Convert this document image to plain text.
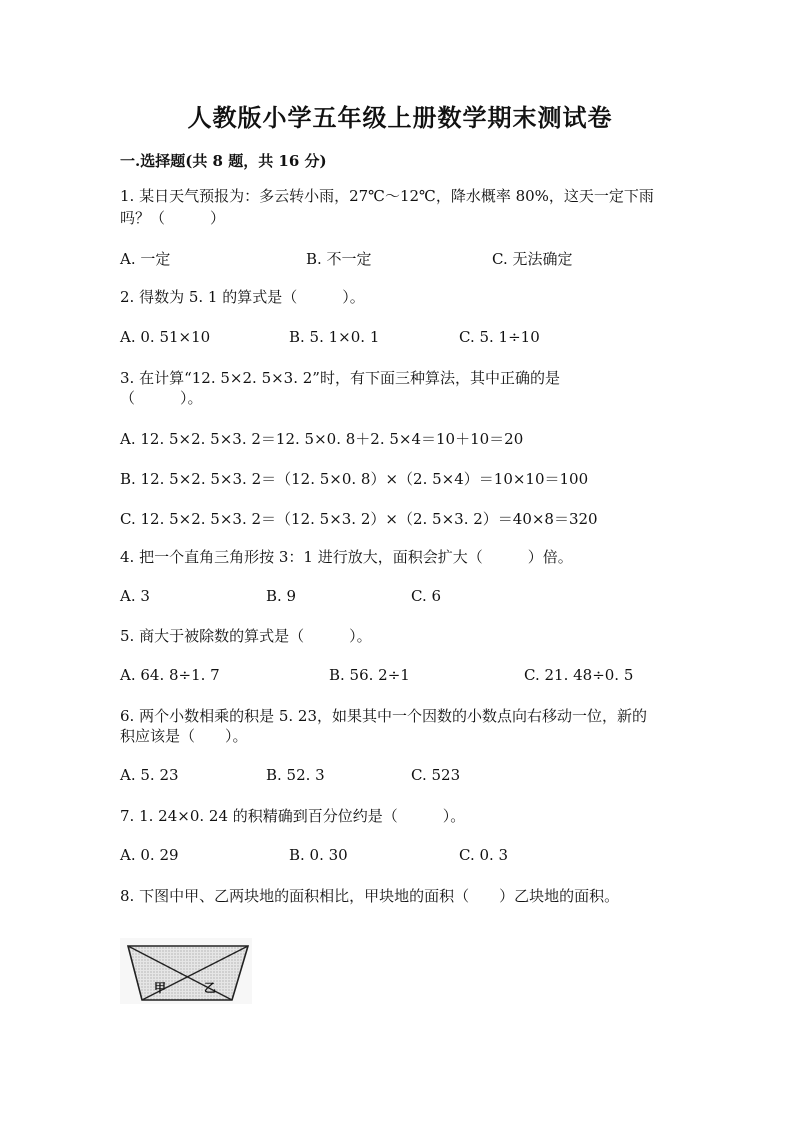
人教版小学五年级上册数学期末测试卷
一.选择题(共 8 题，共 16 分)
1. 某日天气预报为：多云转小雨，27℃～12℃，降水概率 80%，这天一定下雨
吗？（　　　）
A. 一定	B. 不一定	C. 无法确定
2. 得数为 5. 1 的算式是（　　　）。
A. 0. 51×10	B. 5. 1×0. 1	C. 5. 1÷10
3. 在计算“12. 5×2. 5×3. 2”时，有下面三种算法，其中正确的是
（　　　）。
A. 12. 5×2. 5×3. 2＝12. 5×0. 8＋2. 5×4＝10＋10＝20
B. 12. 5×2. 5×3. 2＝（12. 5×0. 8）×（2. 5×4）＝10×10＝100
C. 12. 5×2. 5×3. 2＝（12. 5×3. 2）×（2. 5×3. 2）＝40×8＝320
4. 把一个直角三角形按 3：1 进行放大，面积会扩大（　　　）倍。
A. 3	B. 9	C. 6
5. 商大于被除数的算式是（　　　）。
A. 64. 8÷1. 7	B. 56. 2÷1	C. 21. 48÷0. 5
6. 两个小数相乘的积是 5. 23，如果其中一个因数的小数点向右移动一位，新的
积应该是（　　）。
A. 5. 23	B. 52. 3	C. 523
7. 1. 24×0. 24 的积精确到百分位约是（　　　）。
A. 0. 29	B. 0. 30	C. 0. 3
8. 下图中甲、乙两块地的面积相比，甲块地的面积（　　）乙块地的面积。
甲	乙
